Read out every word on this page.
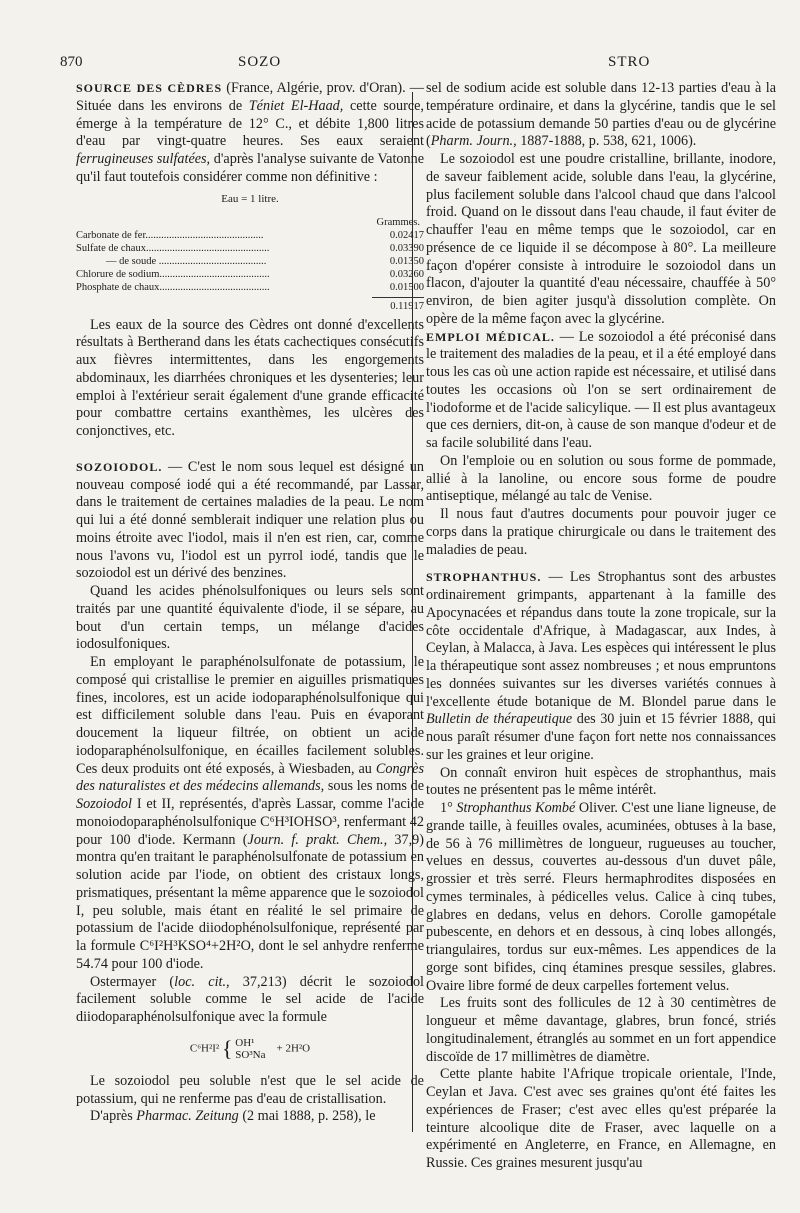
870	SOZO	STRO

SOURCE DES CÈDRES (France, Algérie, prov. d'Oran). — Située dans les environs de Téniet El-Haad, cette source, émerge à la température de 12° C., et débite 1,800 litres d'eau par vingt-quatre heures. Ses eaux seraient ferrugineuses sulfatées, d'après l'analyse suivante de Vatonne qu'il faut toutefois considérer comme non définitive :

Eau = 1 litre.
Grammes.
Carbonate de fer.............................................	0.02417
Sulfate de chaux...............................................	0.03390
— de soude .........................................	0.01350
Chlorure de sodium..........................................	0.03260
Phosphate de chaux..........................................	0.01500
0.11917

Les eaux de la source des Cèdres ont donné d'excellents résultats à Bertherand dans les états cachectiques consécutifs aux fièvres intermittentes, dans les engorgements abdominaux, les diarrhées chroniques et les dysenteries; leur emploi à l'extérieur serait également d'une grande efficacité pour combattre certains exanthèmes, les ulcères des conjonctives, etc.

SOZOIODOL. — C'est le nom sous lequel est désigné un nouveau composé iodé qui a été recommandé, par Lassar, dans le traitement de certaines maladies de la peau. Le nom qui lui a été donné semblerait indiquer une relation plus ou moins étroite avec l'iodol, mais il n'en est rien, car, comme nous l'avons vu, l'iodol est un pyrrol iodé, tandis que le sozoiodol est un dérivé des benzines.

Quand les acides phénolsulfoniques ou leurs sels sont traités par une quantité équivalente d'iode, il se sépare, au bout d'un certain temps, un mélange d'acides iodosulfoniques.

En employant le paraphénolsulfonate de potassium, le composé qui cristallise le premier en aiguilles prismatiques fines, incolores, est un acide iodoparaphénolsulfonique qui est difficilement soluble dans l'eau. Puis en évaporant doucement la liqueur filtrée, on obtient un acide iodoparaphénolsulfonique, en écailles facilement solubles. Ces deux produits ont été exposés, à Wiesbaden, au Congrès des naturalistes et des médecins allemands, sous les noms de Sozoiodol I et II, représentés, d'après Lassar, comme l'acide monoiodoparaphénolsulfonique C⁶H³IOHSO³, renfermant 42 pour 100 d'iode. Kermann (Journ. f. prakt. Chem., 37,9) montra qu'en traitant le paraphénolsulfonate de potassium en solution acide par l'iode, on obtient des cristaux longs, prismatiques, présentant la même apparence que le sozoiodol I, peu soluble, mais étant en réalité le sel primaire de potassium de l'acide diiodophénolsulfonique, représenté par la formule C⁶I²H³KSO⁴+2H²O, dont le sel anhydre renferme 54.74 pour 100 d'iode.

Ostermayer (loc. cit., 37,213) décrit le sozoiodol facilement soluble comme le sel acide de l'acide diiodoparaphénolsulfonique avec la formule

C⁶H²I² { OH¹
SO³Na    + 2H²O

Le sozoiodol peu soluble n'est que le sel acide de potassium, qui ne renferme pas d'eau de cristallisation.

D'après Pharmac. Zeitung (2 mai 1888, p. 258), le

sel de sodium acide est soluble dans 12-13 parties d'eau à la température ordinaire, et dans la glycérine, tandis que le sel acide de potassium demande 50 parties d'eau ou de glycérine (Pharm. Journ., 1887-1888, p. 538, 621, 1006).

Le sozoiodol est une poudre cristalline, brillante, inodore, de saveur faiblement acide, soluble dans l'eau, la glycérine, plus facilement soluble dans l'alcool chaud que dans l'alcool froid. Quand on le dissout dans l'eau chaude, il faut éviter de chauffer l'eau en même temps que le sozoiodol, car en présence de ce liquide il se décompose à 80°. La meilleure façon d'opérer consiste à introduire le sozoiodol dans un flacon, d'ajouter la quantité d'eau nécessaire, chauffée à 50° environ, de bien agiter jusqu'à dissolution complète. On opère de la même façon avec la glycérine.

EMPLOI MÉDICAL. — Le sozoiodol a été préconisé dans le traitement des maladies de la peau, et il a été employé dans tous les cas où une action rapide est nécessaire, et utilisé dans toutes les occasions où l'on se sert ordinairement de l'iodoforme et de l'acide salicylique. — Il est plus avantageux que ces derniers, dit-on, à cause de son manque d'odeur et de sa facile solubilité dans l'eau.

On l'emploie ou en solution ou sous forme de pommade, allié à la lanoline, ou encore sous forme de poudre antiseptique, mélangé au talc de Venise.

Il nous faut d'autres documents pour pouvoir juger ce corps dans la pratique chirurgicale ou dans le traitement des maladies de peau.

STROPHANTHUS. — Les Strophantus sont des arbustes ordinairement grimpants, appartenant à la famille des Apocynacées et répandus dans toute la zone tropicale, sur la côte occidentale d'Afrique, à Madagascar, aux Indes, à Ceylan, à Malacca, à Java. Les espèces qui intéressent le plus la thérapeutique sont assez nombreuses ; et nous empruntons les données suivantes sur les diverses variétés connues à l'excellente étude botanique de M. Blondel parue dans le Bulletin de thérapeutique des 30 juin et 15 février 1888, qui nous paraît résumer d'une façon fort nette nos connaissances sur les graines et leur origine.

On connaît environ huit espèces de strophanthus, mais toutes ne présentent pas le même intérêt.

1° Strophanthus Kombé Oliver. C'est une liane ligneuse, de grande taille, à feuilles ovales, acuminées, obtuses à la base, de 56 à 76 millimètres de longueur, rugueuses au toucher, velues en dessus, couvertes au-dessous d'un duvet pâle, grossier et très serré. Fleurs hermaphrodites disposées en cymes terminales, à pédicelles velus. Calice à cinq tubes, glabres en dedans, velus en dehors. Corolle gamopétale pubescente, en dehors et en dessous, à cinq lobes allongés, triangulaires, tordus sur eux-mêmes. Les appendices de la gorge sont bifides, cinq étamines presque sessiles, glabres. Ovaire libre formé de deux carpelles fortement velus.

Les fruits sont des follicules de 12 à 30 centimètres de longueur et même davantage, glabres, brun foncé, striés longitudinalement, étranglés au sommet en un fort appendice discoïde de 17 millimètres de diamètre.

Cette plante habite l'Afrique tropicale orientale, l'Inde, Ceylan et Java. C'est avec ses graines qu'ont été faites les expériences de Fraser; c'est avec elles qu'est préparée la teinture alcoolique dite de Fraser, avec laquelle on a expérimenté en Angleterre, en France, en Allemagne, en Russie. Ces graines mesurent jusqu'au
